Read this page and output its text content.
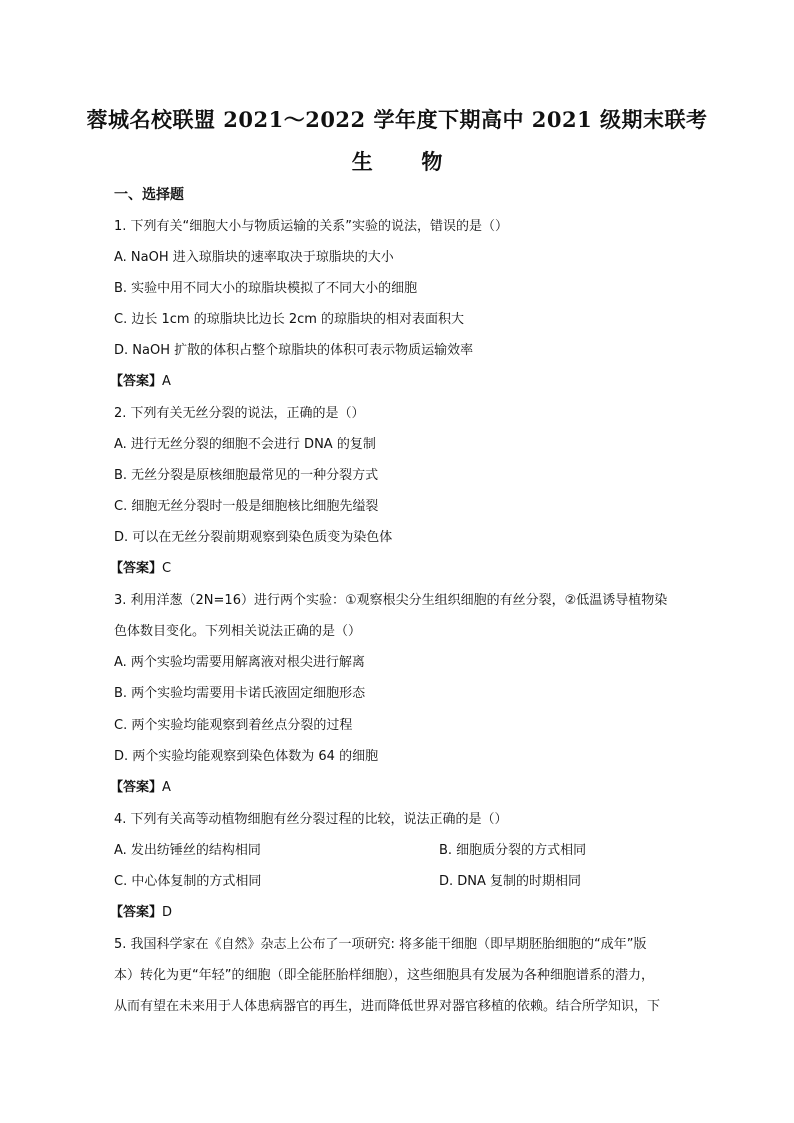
蓉城名校联盟 2021～2022 学年度下期高中 2021 级期末联考
生 物
一、选择题
1. 下列有关“细胞大小与物质运输的关系”实验的说法，错误的是（）
A. NaOH 进入琼脂块的速率取决于琼脂块的大小
B. 实验中用不同大小的琼脂块模拟了不同大小的细胞
C. 边长 1cm 的琼脂块比边长 2cm 的琼脂块的相对表面积大
D. NaOH 扩散的体积占整个琼脂块的体积可表示物质运输效率
【答案】A
2. 下列有关无丝分裂的说法，正确的是（）
A. 进行无丝分裂的细胞不会进行 DNA 的复制
B. 无丝分裂是原核细胞最常见的一种分裂方式
C. 细胞无丝分裂时一般是细胞核比细胞先缢裂
D. 可以在无丝分裂前期观察到染色质变为染色体
【答案】C
3. 利用洋葱（2N=16）进行两个实验：①观察根尖分生组织细胞的有丝分裂，②低温诱导植物染
色体数目变化。下列相关说法正确的是（）
A. 两个实验均需要用解离液对根尖进行解离
B. 两个实验均需要用卡诺氏液固定细胞形态
C. 两个实验均能观察到着丝点分裂的过程
D. 两个实验均能观察到染色体数为 64 的细胞
【答案】A
4. 下列有关高等动植物细胞有丝分裂过程的比较，说法正确的是（）
A. 发出纺锤丝的结构相同	B. 细胞质分裂的方式相同
C. 中心体复制的方式相同	D. DNA 复制的时期相同
【答案】D
5. 我国科学家在《自然》杂志上公布了一项研究: 将多能干细胞（即早期胚胎细胞的“成年”版
本）转化为更“年轻”的细胞（即全能胚胎样细胞），这些细胞具有发展为各种细胞谱系的潜力，
从而有望在未来用于人体患病器官的再生，进而降低世界对器官移植的依赖。结合所学知识，下
